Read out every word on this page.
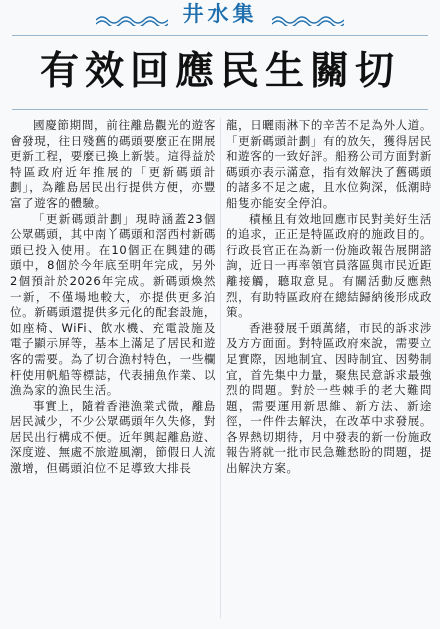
井水集
有效回應民生關切

國慶節期間，前往離島觀光的遊客會發現，往日殘舊的碼頭要麼正在開展更新工程，要麼已換上新裝。這得益於特區政府近年推展的「更新碼頭計劃」，為離島居民出行提供方便，亦豐富了遊客的體驗。

「更新碼頭計劃」現時涵蓋23個公眾碼頭，其中南丫碼頭和滘西村新碼頭已投入使用。在10個正在興建的碼頭中，8個於今年底至明年完成，另外2個預計於2026年完成。新碼頭煥然一新，不僅場地較大，亦提供更多泊位。新碼頭還提供多元化的配套設施，如座椅、WiFi、飲水機、充電設施及電子顯示屏等，基本上滿足了居民和遊客的需要。為了切合漁村特色，一些欄杆使用帆船等標誌，代表捕魚作業、以漁為家的漁民生活。

事實上，隨着香港漁業式微，離島居民減少，不少公眾碼頭年久失修，對居民出行構成不便。近年興起離島遊、深度遊、無處不旅遊風潮，節假日人流激增，但碼頭泊位不足導致大排長

龍，日曬雨淋下的辛苦不足為外人道。「更新碼頭計劃」有的放矢，獲得居民和遊客的一致好評。船務公司方面對新碼頭亦表示滿意，指有效解決了舊碼頭的諸多不足之處，且水位夠深，低潮時船隻亦能安全停泊。

積極且有效地回應市民對美好生活的追求，正正是特區政府的施政目的。行政長官正在為新一份施政報告展開諮詢，近日一再率領官員落區與市民近距離接觸，聽取意見。有關活動反應熱烈，有助特區政府在總結歸納後形成政策。

香港發展千頭萬緒，市民的訴求涉及方方面面。對特區政府來說，需要立足實際，因地制宜、因時制宜、因勢制宜，首先集中力量，聚焦民意訴求最強烈的問題。對於一些棘手的老大難問題，需要運用新思維、新方法、新途徑，一件件去解決，在改革中求發展。各界熱切期待，月中發表的新一份施政報告將就一批市民急難愁盼的問題，提出解決方案。
